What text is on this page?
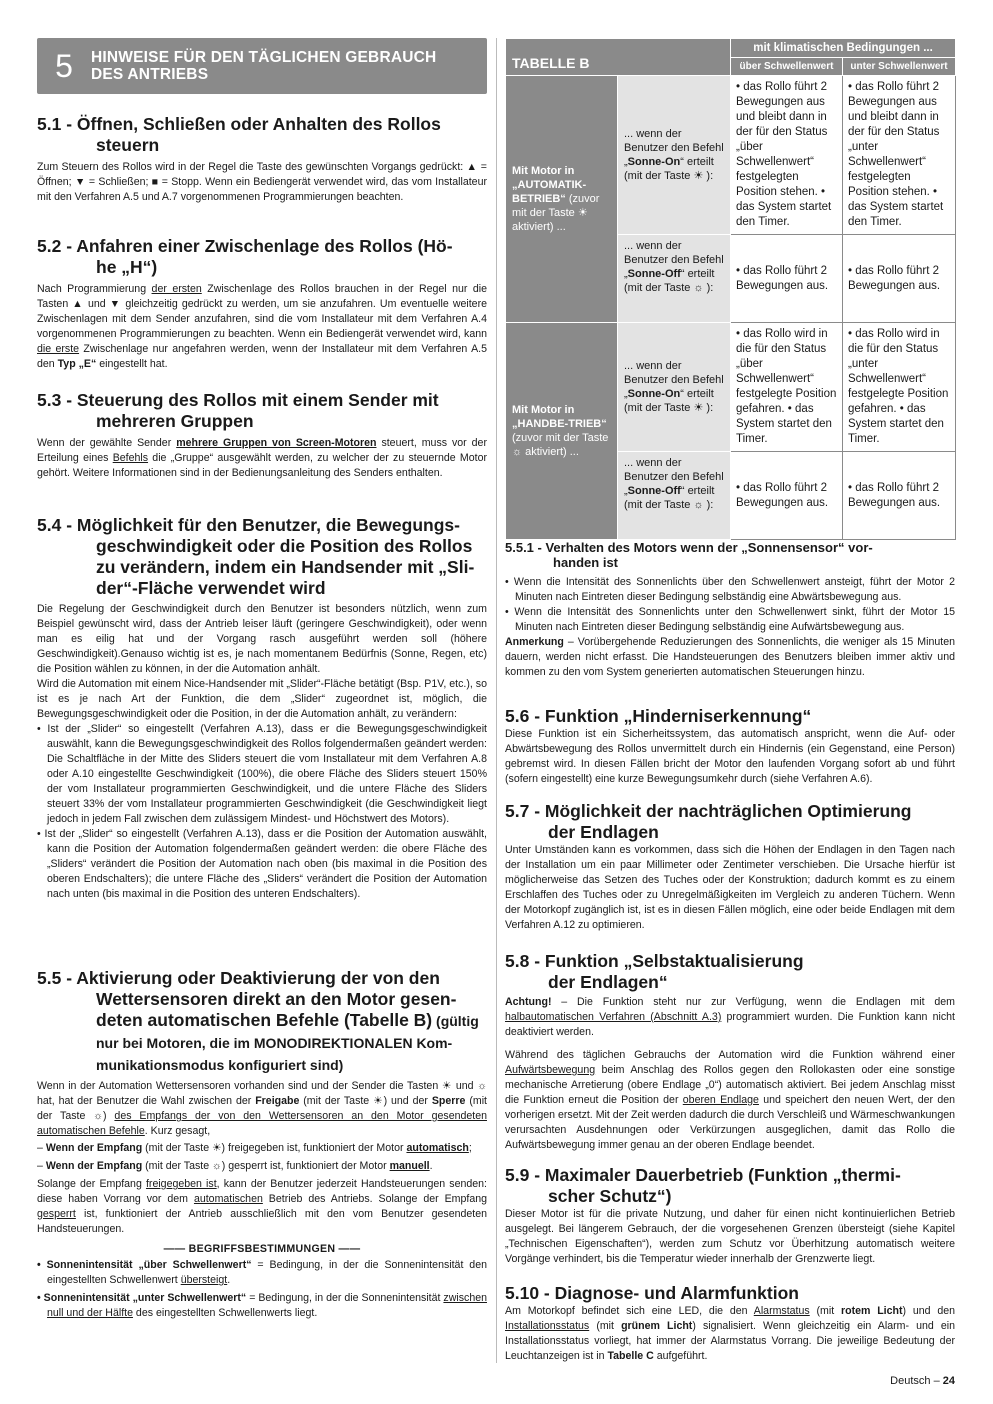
5	HINWEISE FÜR DEN TÄGLICHEN GEBRAUCH
DES ANTRIEBS
5.1 - Öffnen, Schließen oder Anhalten des Rollos
steuern

Zum Steuern des Rollos wird in der Regel die Taste des gewünschten Vorgangs gedrückt: ▲ = Öffnen; ▼ = Schließen; ■ = Stopp. Wenn ein Bediengerät verwendet wird, das vom Installateur mit den Verfahren A.5 und A.7 vorgenommenen Programmierungen beachten.

5.2 - Anfahren einer Zwischenlage des Rollos (Hö-
he „H“)

Nach Programmierung der ersten Zwischenlage des Rollos brauchen in der Regel nur die Tasten ▲ und ▼ gleichzeitig gedrückt zu werden, um sie anzufahren. Um eventuelle weitere Zwischenlagen mit dem Sender anzufahren, sind die vom Installateur mit dem Verfahren A.4 vorgenommenen Programmierungen zu beachten. Wenn ein Bediengerät verwendet wird, kann die erste Zwischenlage nur angefahren werden, wenn der Installateur mit dem Verfahren A.5 den Typ „E“ eingestellt hat.

5.3 - Steuerung des Rollos mit einem Sender mit
mehreren Gruppen

Wenn der gewählte Sender mehrere Gruppen von Screen-Motoren steuert, muss vor der Erteilung eines Befehls die „Gruppe“ ausgewählt werden, zu welcher der zu steuernde Motor gehört. Weitere Informationen sind in der Bedienungsanleitung des Senders enthalten.

5.4 - Möglichkeit für den Benutzer, die Bewegungs-
geschwindigkeit oder die Position des Rollos
zu verändern, indem ein Handsender mit „Sli-
der“-Fläche verwendet wird

Die Regelung der Geschwindigkeit durch den Benutzer ist besonders nützlich, wenn zum Beispiel gewünscht wird, dass der Antrieb leiser läuft (geringere Geschwindigkeit), oder wenn man es eilig hat und der Vorgang rasch ausgeführt werden soll (höhere Geschwindigkeit).Genauso wichtig ist es, je nach momentanem Bedürfnis (Sonne, Regen, etc) die Position wählen zu können, in der die Automation anhält.

Wird die Automation mit einem Nice-Handsender mit „Slider“-Fläche betätigt (Bsp. P1V, etc.), so ist es je nach Art der Funktion, die dem „Slider“ zugeordnet ist, möglich, die Bewegungsgeschwindigkeit oder die Position, in der die Automation anhält, zu verändern:

• Ist der „Slider“ so eingestellt (Verfahren A.13), dass er die Bewegungsgeschwindigkeit auswählt, kann die Bewegungsgeschwindigkeit des Rollos folgendermaßen geändert werden: Die Schaltfläche in der Mitte des Sliders steuert die vom Installateur mit dem Verfahren A.8 oder A.10 eingestellte Geschwindigkeit (100%), die obere Fläche des Sliders steuert 150% der vom Installateur programmierten Geschwindigkeit, und die untere Fläche des Sliders steuert 33% der vom Installateur programmierten Geschwindigkeit (die Geschwindigkeit liegt jedoch in jedem Fall zwischen dem zulässigem Mindest- und Höchstwert des Motors).
• Ist der „Slider“ so eingestellt (Verfahren A.13), dass er die Position der Automation auswählt, kann die Position der Automation folgendermaßen geändert werden: die obere Fläche des „Sliders“ verändert die Position der Automation nach oben (bis maximal in die Position des oberen Endschalters); die untere Fläche des „Sliders“ verändert die Position der Automation nach unten (bis maximal in die Position des unteren Endschalters).
5.5 - Aktivierung oder Deaktivierung der von den
Wettersensoren direkt an den Motor gesen-
deten automatischen Befehle (Tabelle B) (gültig
nur bei Motoren, die im MONODIREKTIONALEN Kom-
munikationsmodus konfiguriert sind)

Wenn in der Automation Wettersensoren vorhanden sind und der Sender die Tasten ☀ und ☼ hat, hat der Benutzer die Wahl zwischen der Freigabe (mit der Taste ☀) und der Sperre (mit der Taste ☼) des Empfangs der von den Wettersensoren an den Motor gesendeten automatischen Befehle. Kurz gesagt,

– Wenn der Empfang (mit der Taste ☀) freigegeben ist, funktioniert der Motor automatisch;
– Wenn der Empfang (mit der Taste ☼) gesperrt ist, funktioniert der Motor manuell.

Solange der Empfang freigegeben ist, kann der Benutzer jederzeit Handsteuerungen senden: diese haben Vorrang vor dem automatischen Betrieb des Antriebs. Solange der Empfang gesperrt ist, funktioniert der Antrieb ausschließlich mit den vom Benutzer gesendeten Handsteuerungen.

—— BEGRIFFSBESTIMMUNGEN ——
• Sonnenintensität „über Schwellenwert“ = Bedingung, in der die Sonnenintensität den eingestellten Schwellenwert übersteigt.
• Sonnenintensität „unter Schwellenwert“ = Bedingung, in der die Sonnenintensität zwischen null und der Hälfte des eingestellten Schwellenwerts liegt.
TABELLE B		mit klimatischen Bedingungen ...	
		über Schwellenwert	unter Schwellenwert
Mit Motor in „AUTOMATIK-BETRIEB“ (zuvor mit der Taste ☀ aktiviert) ...	... wenn der Benutzer den Befehl „Sonne-On“ erteilt (mit der Taste ☀ ):	• das Rollo führt 2 Bewegungen aus und bleibt dann in der für den Status „über Schwellenwert“ festgelegten Position stehen. • das System startet den Timer.	• das Rollo führt 2 Bewegungen aus und bleibt dann in der für den Status „unter Schwellenwert“ festgelegten Position stehen. • das System startet den Timer.
	... wenn der Benutzer den Befehl „Sonne-Off“ erteilt (mit der Taste ☼ ):	• das Rollo führt 2 Bewegungen aus.	• das Rollo führt 2 Bewegungen aus.
Mit Motor in „HANDBE-TRIEB“ (zuvor mit der Taste ☼ aktiviert) ...	... wenn der Benutzer den Befehl „Sonne-On“ erteilt (mit der Taste ☀ ):	• das Rollo wird in die für den Status „über Schwellenwert“ festgelegte Position gefahren. • das System startet den Timer.	• das Rollo wird in die für den Status „unter Schwellenwert“ festgelegte Position gefahren. • das System startet den Timer.
	... wenn der Benutzer den Befehl „Sonne-Off“ erteilt (mit der Taste ☼ ):	• das Rollo führt 2 Bewegungen aus.	• das Rollo führt 2 Bewegungen aus.
5.5.1 - Verhalten des Motors wenn der „Sonnensensor“ vor-
handen ist
• Wenn die Intensität des Sonnenlichts über den Schwellenwert ansteigt, führt der Motor 2 Minuten nach Eintreten dieser Bedingung selbständig eine Abwärtsbewegung aus.
• Wenn die Intensität des Sonnenlichts unter den Schwellenwert sinkt, führt der Motor 15 Minuten nach Eintreten dieser Bedingung selbständig eine Aufwärtsbewegung aus.

Anmerkung – Vorübergehende Reduzierungen des Sonnenlichts, die weniger als 15 Minuten dauern, werden nicht erfasst. Die Handsteuerungen des Benutzers bleiben immer aktiv und kommen zu den vom System generierten automatischen Steuerungen hinzu.

5.6 - Funktion „Hinderniserkennung“

Diese Funktion ist ein Sicherheitssystem, das automatisch anspricht, wenn die Auf- oder Abwärtsbewegung des Rollos unvermittelt durch ein Hindernis (ein Gegenstand, eine Person) gebremst wird. In diesen Fällen bricht der Motor den laufenden Vorgang sofort ab und führt (sofern eingestellt) eine kurze Bewegungsumkehr durch (siehe Verfahren A.6).

5.7 - Möglichkeit der nachträglichen Optimierung
der Endlagen

Unter Umständen kann es vorkommen, dass sich die Höhen der Endlagen in den Tagen nach der Installation um ein paar Millimeter oder Zentimeter verschieben. Die Ursache hierfür ist möglicherweise das Setzen des Tuches oder der Konstruktion; dadurch kommt es zu einem Erschlaffen des Tuches oder zu Unregelmäßigkeiten im Vergleich zu anderen Tüchern. Wenn der Motorkopf zugänglich ist, ist es in diesen Fällen möglich, eine oder beide Endlagen mit dem Verfahren A.12 zu optimieren.

5.8 - Funktion „Selbstaktualisierung
der Endlagen“

Achtung! – Die Funktion steht nur zur Verfügung, wenn die Endlagen mit dem halbautomatischen Verfahren (Abschnitt A.3) programmiert wurden. Die Funktion kann nicht deaktiviert werden.

Während des täglichen Gebrauchs der Automation wird die Funktion während einer Aufwärtsbewegung beim Anschlag des Rollos gegen den Rollokasten oder eine sonstige mechanische Arretierung (obere Endlage „0“) automatisch aktiviert. Bei jedem Anschlag misst die Funktion erneut die Position der oberen Endlage und speichert den neuen Wert, der den vorherigen ersetzt. Mit der Zeit werden dadurch die durch Verschleiß und Wärmeschwankungen verursachten Ausdehnungen oder Verkürzungen ausgeglichen, damit das Rollo die Aufwärtsbewegung immer genau an der oberen Endlage beendet.

5.9 - Maximaler Dauerbetrieb (Funktion „thermi-
scher Schutz“)

Dieser Motor ist für die private Nutzung, und daher für einen nicht kontinuierlichen Betrieb ausgelegt. Bei längerem Gebrauch, der die vorgesehenen Grenzen übersteigt (siehe Kapitel „Technischen Eigenschaften“), werden zum Schutz vor Überhitzung automatisch weitere Vorgänge verhindert, bis die Temperatur wieder innerhalb der Grenzwerte liegt.

5.10 - Diagnose- und Alarmfunktion

Am Motorkopf befindet sich eine LED, die den Alarmstatus (mit rotem Licht) und den Installationsstatus (mit grünem Licht) signalisiert. Wenn gleichzeitig ein Alarm- und ein Installationsstatus vorliegt, hat immer der Alarmstatus Vorrang. Die jeweilige Bedeutung der Leuchtanzeigen ist in Tabelle C aufgeführt.

Deutsch – 24
